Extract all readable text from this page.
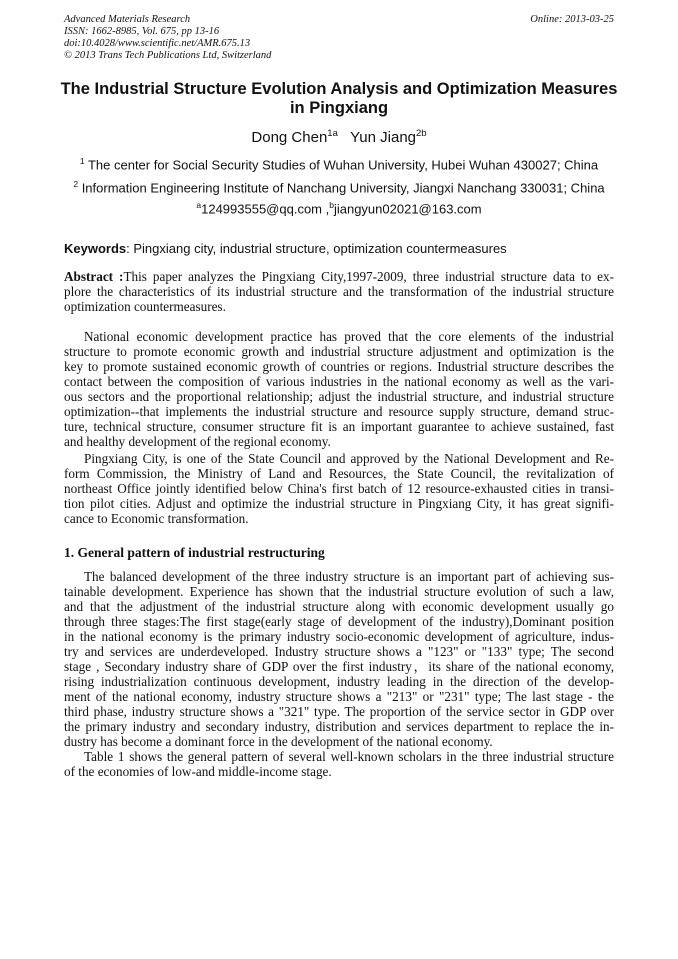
Advanced Materials Research
ISSN: 1662-8985, Vol. 675, pp 13-16
doi:10.4028/www.scientific.net/AMR.675.13
© 2013 Trans Tech Publications Ltd, Switzerland
Online: 2013-03-25
The Industrial Structure Evolution Analysis and Optimization Measures
in Pingxiang
Dong Chen$^{1a}$ Yun Jiang$^{2b}$
$^1$ The center for Social Security Studies of Wuhan University, Hubei Wuhan 430027; China
$^2$ Information Engineering Institute of Nanchang University, Jiangxi Nanchang 330031; China
$^a$124993555@qq.com ,$^b$jiangyun02021@163.com
Keywords: Pingxiang city, industrial structure, optimization countermeasures
Abstract :This paper analyzes the Pingxiang City,1997-2009, three industrial structure data to ex-
plore the characteristics of its industrial structure and the transformation of the industrial structure
optimization countermeasures.
National economic development practice has proved that the core elements of the industrial
structure to promote economic growth and industrial structure adjustment and optimization is the
key to promote sustained economic growth of countries or regions. Industrial structure describes the
contact between the composition of various industries in the national economy as well as the vari-
ous sectors and the proportional relationship; adjust the industrial structure, and industrial structure
optimization--that implements the industrial structure and resource supply structure, demand struc-
ture, technical structure, consumer structure fit is an important guarantee to achieve sustained, fast
and healthy development of the regional economy.
Pingxiang City, is one of the State Council and approved by the National Development and Re-
form Commission, the Ministry of Land and Resources, the State Council, the revitalization of
northeast Office jointly identified below China's first batch of 12 resource-exhausted cities in transi-
tion pilot cities. Adjust and optimize the industrial structure in Pingxiang City, it has great signifi-
cance to Economic transformation.
1. General pattern of industrial restructuring
The balanced development of the three industry structure is an important part of achieving sus-
tainable development. Experience has shown that the industrial structure evolution of such a law,
and that the adjustment of the industrial structure along with economic development usually go
through three stages:The first stage(early stage of development of the industry),Dominant position
in the national economy is the primary industry socio-economic development of agriculture, indus-
try and services are underdeveloped. Industry structure shows a "123" or "133" type; The second
stage , Secondary industry share of GDP over the first industry，its share of the national economy,
rising industrialization continuous development, industry leading in the direction of the develop-
ment of the national economy, industry structure shows a "213" or "231" type; The last stage - the
third phase, industry structure shows a "321" type. The proportion of the service sector in GDP over
the primary industry and secondary industry, distribution and services department to replace the in-
dustry has become a dominant force in the development of the national economy.
Table 1 shows the general pattern of several well-known scholars in the three industrial structure
of the economies of low-and middle-income stage.
